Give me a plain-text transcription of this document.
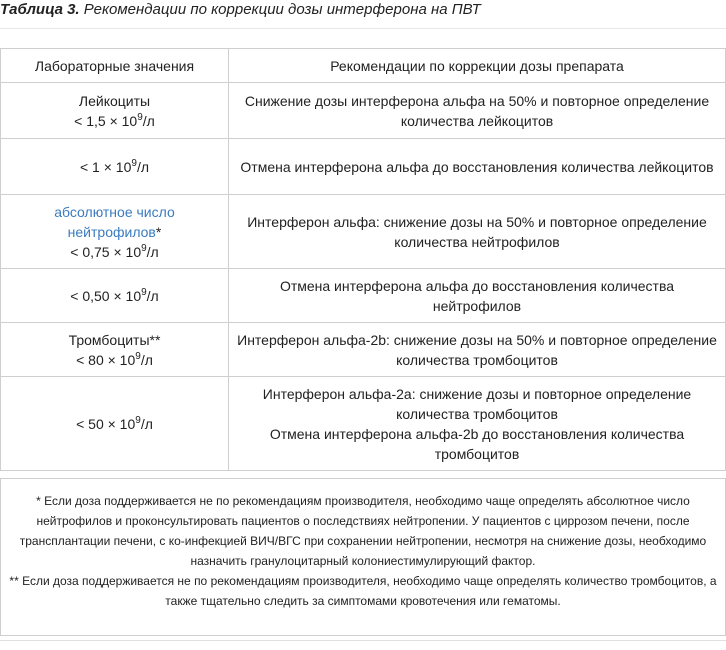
Таблица 3. Рекомендации по коррекции дозы интерферона на ПВТ
Лабораторные значения	Рекомендации по коррекции дозы препарата

Лейкоциты
< $1,5 \times 10^9/л$	Снижение дозы интерферона альфа на 50% и повторное определение количества лейкоцитов

< $1 \times 10^9/л$	Отмена интерферона альфа до восстановления количества лейкоцитов

абсолютное число нейтрофилов*
< $0,75 \times 10^9/л$	Интерферон альфа: снижение дозы на 50% и повторное определение количества нейтрофилов

< $0,50 \times 10^9/л$	Отмена интерферона альфа до восстановления количества нейтрофилов

Тромбоциты**
< $80 \times 10^9/л$	Интерферон альфа-2b: снижение дозы на 50% и повторное определение количества тромбоцитов

< $50 \times 10^9/л$	Интерферон альфа-2a: снижение дозы и повторное определение количества тромбоцитов
Отмена интерферона альфа-2b до восстановления количества тромбоцитов
* Если доза поддерживается не по рекомендациям производителя, необходимо чаще определять абсолютное число нейтрофилов и проконсультировать пациентов о последствиях нейтропении. У пациентов с циррозом печени, после трансплантации печени, с ко-инфекцией ВИЧ/ВГС при сохранении нейтропении, несмотря на снижение дозы, необходимо назначить гранулоцитарный колониестимулирующий фактор.
** Если доза поддерживается не по рекомендациям производителя, необходимо чаще определять количество тромбоцитов, а также тщательно следить за симптомами кровотечения или гематомы.
